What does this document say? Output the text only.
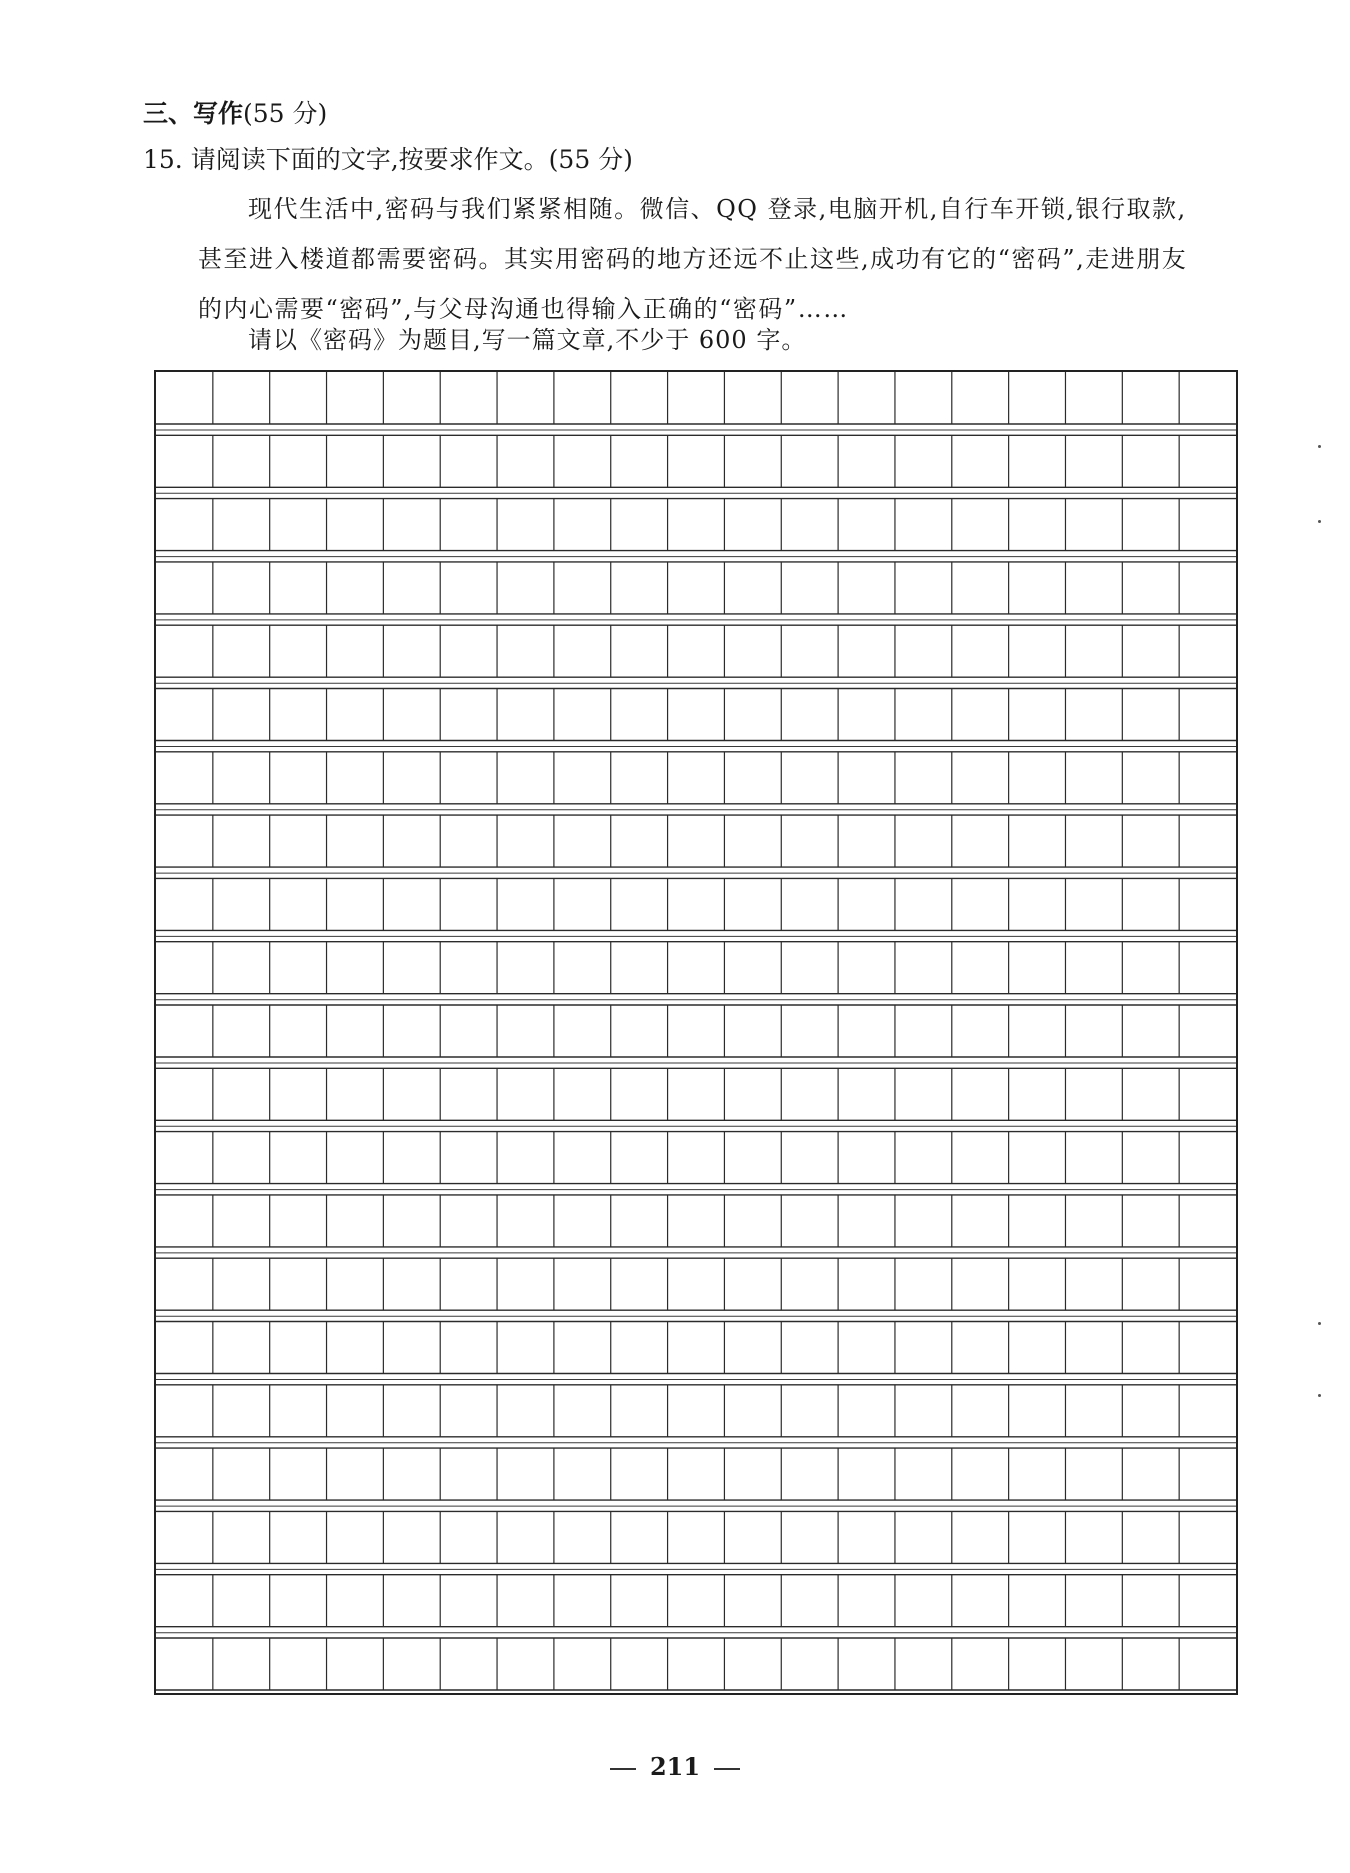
三、写作(55 分)
15. 请阅读下面的文字,按要求作文。(55 分)
现代生活中,密码与我们紧紧相随。微信、QQ 登录,电脑开机,自行车开锁,银行取款,
甚至进入楼道都需要密码。其实用密码的地方还远不止这些,成功有它的“密码”,走进朋友
的内心需要“密码”,与父母沟通也得输入正确的“密码”……
请以《密码》为题目,写一篇文章,不少于 600 字。
211
